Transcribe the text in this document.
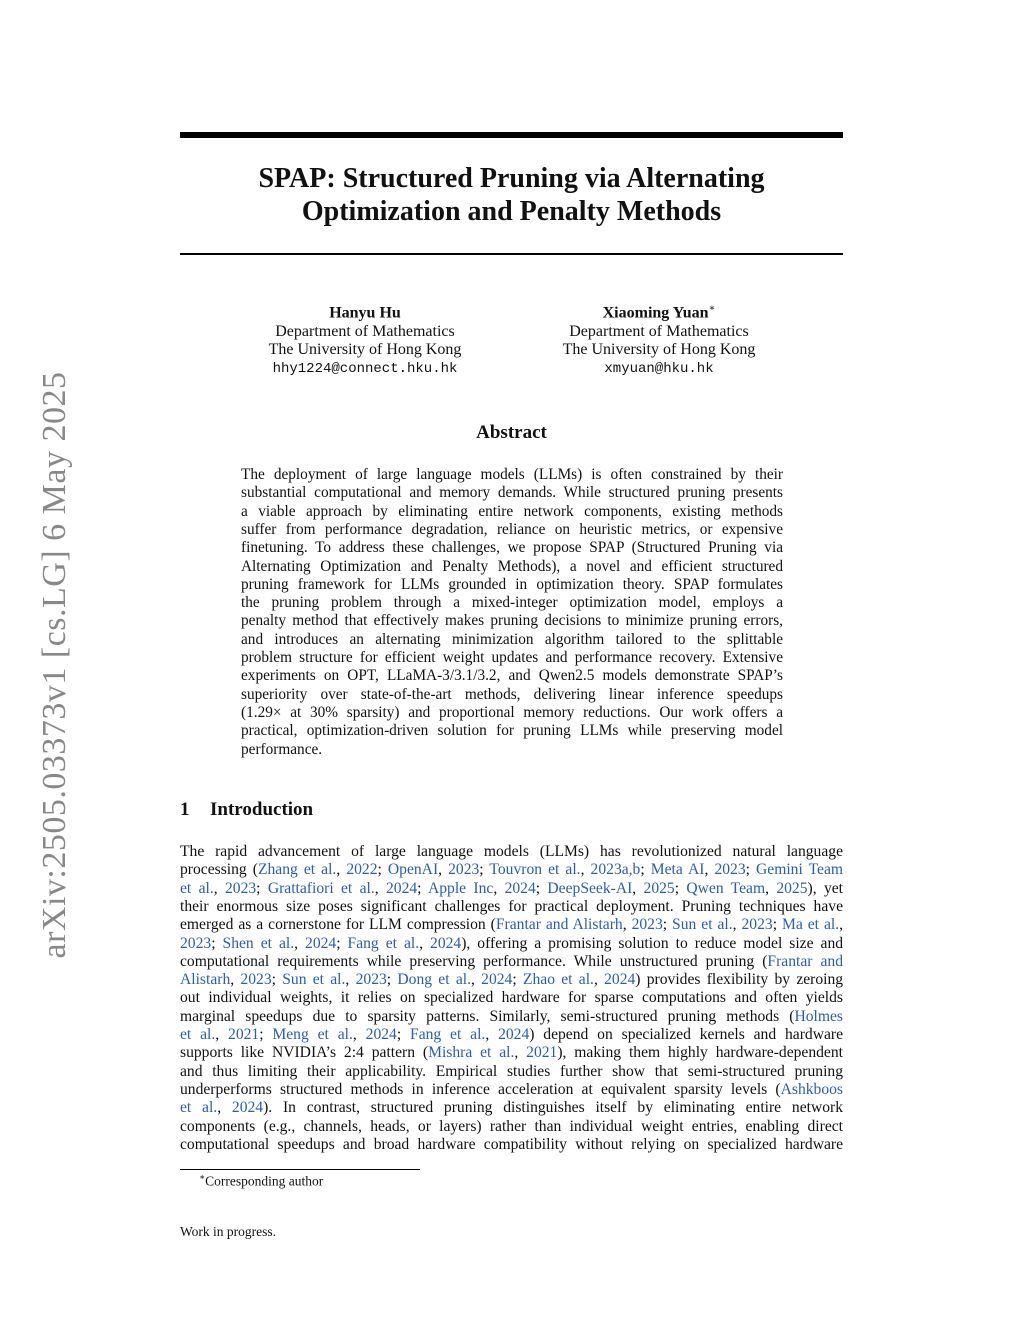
arXiv:2505.03373v1 [cs.LG] 6 May 2025
SPAP: Structured Pruning via Alternating Optimization and Penalty Methods
Hanyu Hu
Department of Mathematics
The University of Hong Kong
hhy1224@connect.hku.hk
Xiaoming Yuan∗
Department of Mathematics
The University of Hong Kong
xmyuan@hku.hk
Abstract
The deployment of large language models (LLMs) is often constrained by their
substantial computational and memory demands. While structured pruning presents
a viable approach by eliminating entire network components, existing methods
suffer from performance degradation, reliance on heuristic metrics, or expensive
finetuning. To address these challenges, we propose SPAP (Structured Pruning via
Alternating Optimization and Penalty Methods), a novel and efficient structured
pruning framework for LLMs grounded in optimization theory. SPAP formulates
the pruning problem through a mixed-integer optimization model, employs a
penalty method that effectively makes pruning decisions to minimize pruning errors,
and introduces an alternating minimization algorithm tailored to the splittable
problem structure for efficient weight updates and performance recovery. Extensive
experiments on OPT, LLaMA-3/3.1/3.2, and Qwen2.5 models demonstrate SPAP’s
superiority over state-of-the-art methods, delivering linear inference speedups
(1.29× at 30% sparsity) and proportional memory reductions. Our work offers a
practical, optimization-driven solution for pruning LLMs while preserving model
performance.
1 Introduction
The rapid advancement of large language models (LLMs) has revolutionized natural language
processing (Zhang et al., 2022; OpenAI, 2023; Touvron et al., 2023a,b; Meta AI, 2023; Gemini Team
et al., 2023; Grattafiori et al., 2024; Apple Inc, 2024; DeepSeek-AI, 2025; Qwen Team, 2025), yet
their enormous size poses significant challenges for practical deployment. Pruning techniques have
emerged as a cornerstone for LLM compression (Frantar and Alistarh, 2023; Sun et al., 2023; Ma et al.,
2023; Shen et al., 2024; Fang et al., 2024), offering a promising solution to reduce model size and
computational requirements while preserving performance. While unstructured pruning (Frantar and
Alistarh, 2023; Sun et al., 2023; Dong et al., 2024; Zhao et al., 2024) provides flexibility by zeroing
out individual weights, it relies on specialized hardware for sparse computations and often yields
marginal speedups due to sparsity patterns. Similarly, semi-structured pruning methods (Holmes
et al., 2021; Meng et al., 2024; Fang et al., 2024) depend on specialized kernels and hardware
supports like NVIDIA’s 2:4 pattern (Mishra et al., 2021), making them highly hardware-dependent
and thus limiting their applicability. Empirical studies further show that semi-structured pruning
underperforms structured methods in inference acceleration at equivalent sparsity levels (Ashkboos
et al., 2024). In contrast, structured pruning distinguishes itself by eliminating entire network
components (e.g., channels, heads, or layers) rather than individual weight entries, enabling direct
computational speedups and broad hardware compatibility without relying on specialized hardware
∗Corresponding author
Work in progress.
